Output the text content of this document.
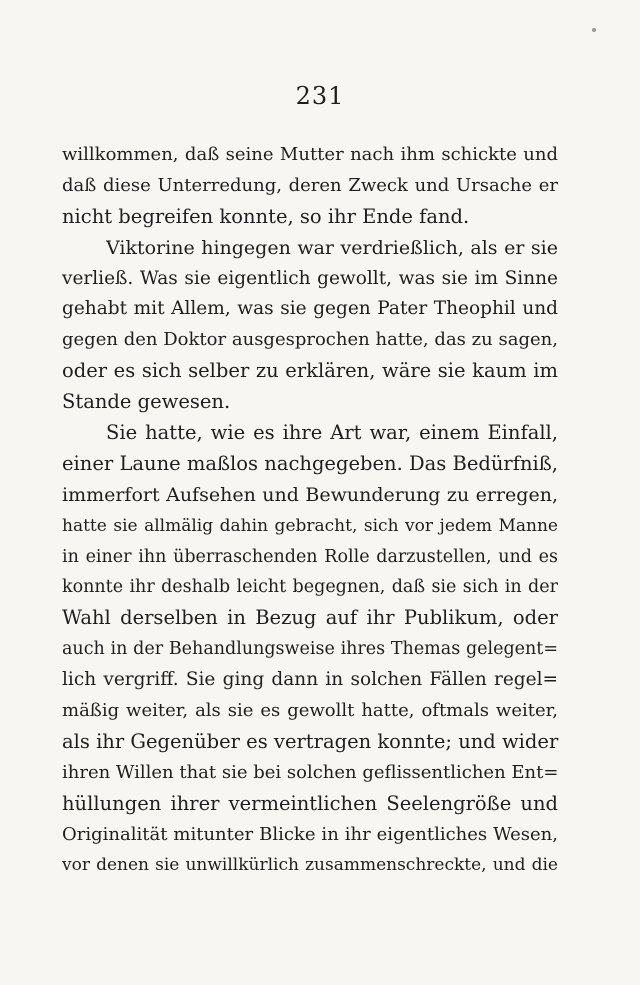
231
willkommen, daß seine Mutter nach ihm schickte und
daß diese Unterredung, deren Zweck und Ursache er
nicht begreifen konnte, so ihr Ende fand.
Viktorine hingegen war verdrießlich, als er sie
verließ. Was sie eigentlich gewollt, was sie im Sinne
gehabt mit Allem, was sie gegen Pater Theophil und
gegen den Doktor ausgesprochen hatte, das zu sagen,
oder es sich selber zu erklären, wäre sie kaum im
Stande gewesen.
Sie hatte, wie es ihre Art war, einem Einfall,
einer Laune maßlos nachgegeben. Das Bedürfniß,
immerfort Aufsehen und Bewunderung zu erregen,
hatte sie allmälig dahin gebracht, sich vor jedem Manne
in einer ihn überraschenden Rolle darzustellen, und es
konnte ihr deshalb leicht begegnen, daß sie sich in der
Wahl derselben in Bezug auf ihr Publikum, oder
auch in der Behandlungsweise ihres Themas gelegent=
lich vergriff. Sie ging dann in solchen Fällen regel=
mäßig weiter, als sie es gewollt hatte, oftmals weiter,
als ihr Gegenüber es vertragen konnte; und wider
ihren Willen that sie bei solchen geflissentlichen Ent=
hüllungen ihrer vermeintlichen Seelengröße und
Originalität mitunter Blicke in ihr eigentliches Wesen,
vor denen sie unwillkürlich zusammenschreckte, und die
